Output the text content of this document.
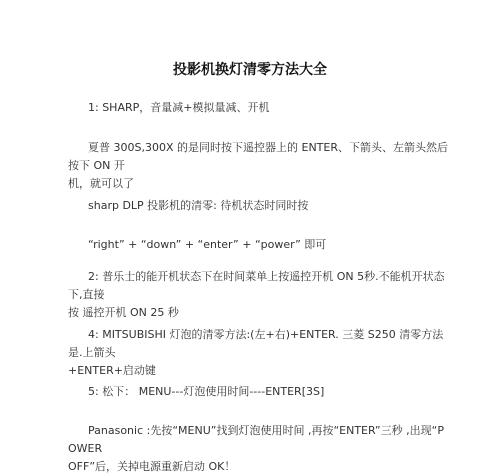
投影机换灯清零方法大全
1: SHARP，音量减+模拟量减、开机
夏普 300S,300X 的是同时按下遥控器上的 ENTER、下箭头、左箭头然后按下 ON 开
机，就可以了
sharp DLP 投影机的清零: 待机状态时同时按
“right” + “down” + “enter” + “power” 即可
2: 普乐士的能开机状态下在时间菜单上按遥控开机 ON 5秒.不能机开状态下,直接
按 遥控开机 ON 25 秒
4: MITSUBISHI 灯泡的清零方法:(左+右)+ENTER. 三菱 S250 清零方法是.上箭头
+ENTER+启动键
5: 松下： MENU---灯泡使用时间----ENTER[3S]
Panasonic :先按“MENU”找到灯泡使用时间 ,再按“ENTER”三秒 ,出现“POWER
OFF”后，关掉电源重新启动 OK！
